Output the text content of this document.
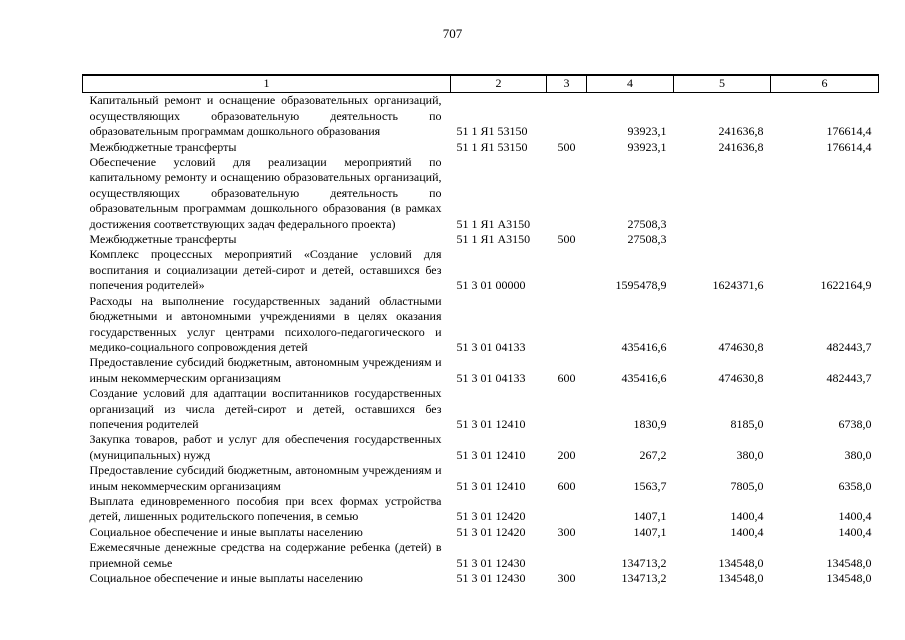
707
1	2	3	4	5	6
Капитальный ремонт и оснащение образовательных организаций, осуществляющих образовательную деятельность по образовательным программам дошкольного образования	51 1 Я1 53150		93923,1	241636,8	176614,4
Межбюджетные трансферты	51 1 Я1 53150	500	93923,1	241636,8	176614,4
Обеспечение условий для реализации мероприятий по капитальному ремонту и оснащению образовательных организаций, осуществляющих образовательную деятельность по образовательным программам дошкольного образования (в рамках достижения соответствующих задач федерального проекта)	51 1 Я1 А3150		27508,3		
Межбюджетные трансферты	51 1 Я1 А3150	500	27508,3		
Комплекс процессных мероприятий «Создание условий для воспитания и социализации детей-сирот и детей, оставшихся без попечения родителей»	51 3 01 00000		1595478,9	1624371,6	1622164,9
Расходы на выполнение государственных заданий областными бюджетными и автономными учреждениями в целях оказания государственных услуг центрами психолого-педагогического и медико-социального сопровождения детей	51 3 01 04133		435416,6	474630,8	482443,7
Предоставление субсидий бюджетным, автономным учреждениям и иным некоммерческим организациям	51 3 01 04133	600	435416,6	474630,8	482443,7
Создание условий для адаптации воспитанников государственных организаций из числа детей-сирот и детей, оставшихся без попечения родителей	51 3 01 12410		1830,9	8185,0	6738,0
Закупка товаров, работ и услуг для обеспечения государственных (муниципальных) нужд	51 3 01 12410	200	267,2	380,0	380,0
Предоставление субсидий бюджетным, автономным учреждениям и иным некоммерческим организациям	51 3 01 12410	600	1563,7	7805,0	6358,0
Выплата единовременного пособия при всех формах устройства детей, лишенных родительского попечения, в семью	51 3 01 12420		1407,1	1400,4	1400,4
Социальное обеспечение и иные выплаты населению	51 3 01 12420	300	1407,1	1400,4	1400,4
Ежемесячные денежные средства на содержание ребенка (детей) в приемной семье	51 3 01 12430		134713,2	134548,0	134548,0
Социальное обеспечение и иные выплаты населению	51 3 01 12430	300	134713,2	134548,0	134548,0
